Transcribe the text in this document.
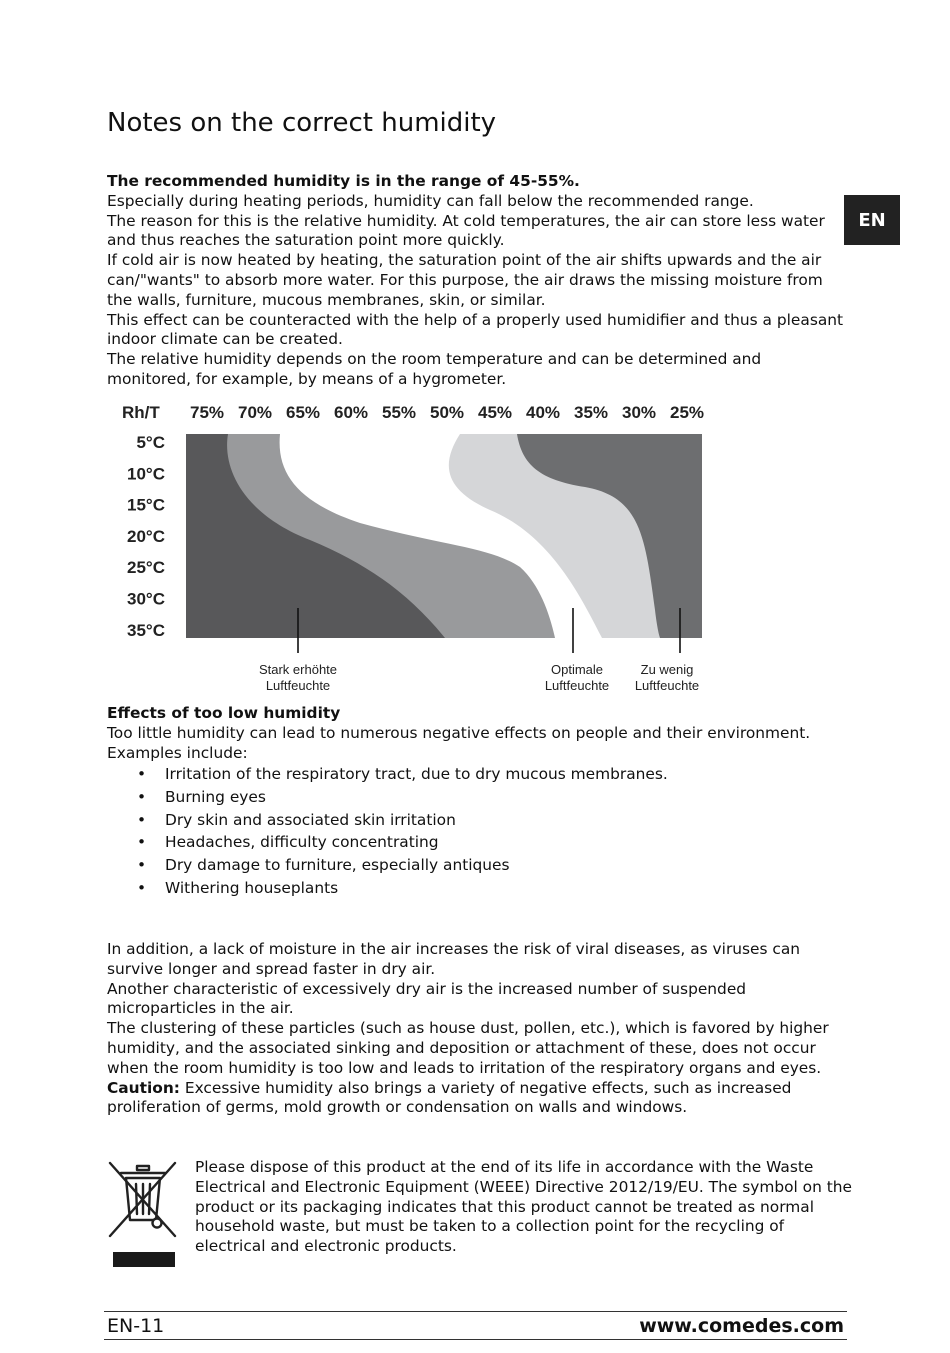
Notes on the correct humidity
EN

The recommended humidity is in the range of 45-55%.

Especially during heating periods, humidity can fall below the recommended range.

The reason for this is the relative humidity. At cold temperatures, the air can store less water and thus reaches the saturation point more quickly.

If cold air is now heated by heating, the saturation point of the air shifts upwards and the air can/"wants" to absorb more water. For this purpose, the air draws the missing moisture from the walls, furniture, mucous membranes, skin, or similar.

This effect can be counteracted with the help of a properly used humidifier and thus a pleasant indoor climate can be created.

The relative humidity depends on the room temperature and can be determined and monitored, for example, by means of a hygrometer.

Rh/T 75% 70% 65% 60% 55% 50% 45% 40% 35% 30% 25%
5°C
10°C
15°C
20°C
25°C
30°C
35°C
Stark erhöhte
Luftfeuchte
Optimale
Luftfeuchte
Zu wenig
Luftfeuchte

Effects of too low humidity

Too little humidity can lead to numerous negative effects on people and their environment.

Examples include:

• Irritation of the respiratory tract, due to dry mucous membranes.
• Burning eyes
• Dry skin and associated skin irritation
• Headaches, difficulty concentrating
• Dry damage to furniture, especially antiques
• Withering houseplants

In addition, a lack of moisture in the air increases the risk of viral diseases, as viruses can survive longer and spread faster in dry air.

Another characteristic of excessively dry air is the increased number of suspended microparticles in the air.

The clustering of these particles (such as house dust, pollen, etc.), which is favored by higher humidity, and the associated sinking and deposition or attachment of these, does not occur when the room humidity is too low and leads to irritation of the respiratory organs and eyes.

Caution: Excessive humidity also brings a variety of negative effects, such as increased proliferation of germs, mold growth or condensation on walls and windows.

Please dispose of this product at the end of its life in accordance with the Waste Electrical and Electronic Equipment (WEEE) Directive 2012/19/EU. The symbol on the product or its packaging indicates that this product cannot be treated as normal household waste, but must be taken to a collection point for the recycling of electrical and electronic products.
EN-11	www.comedes.com
